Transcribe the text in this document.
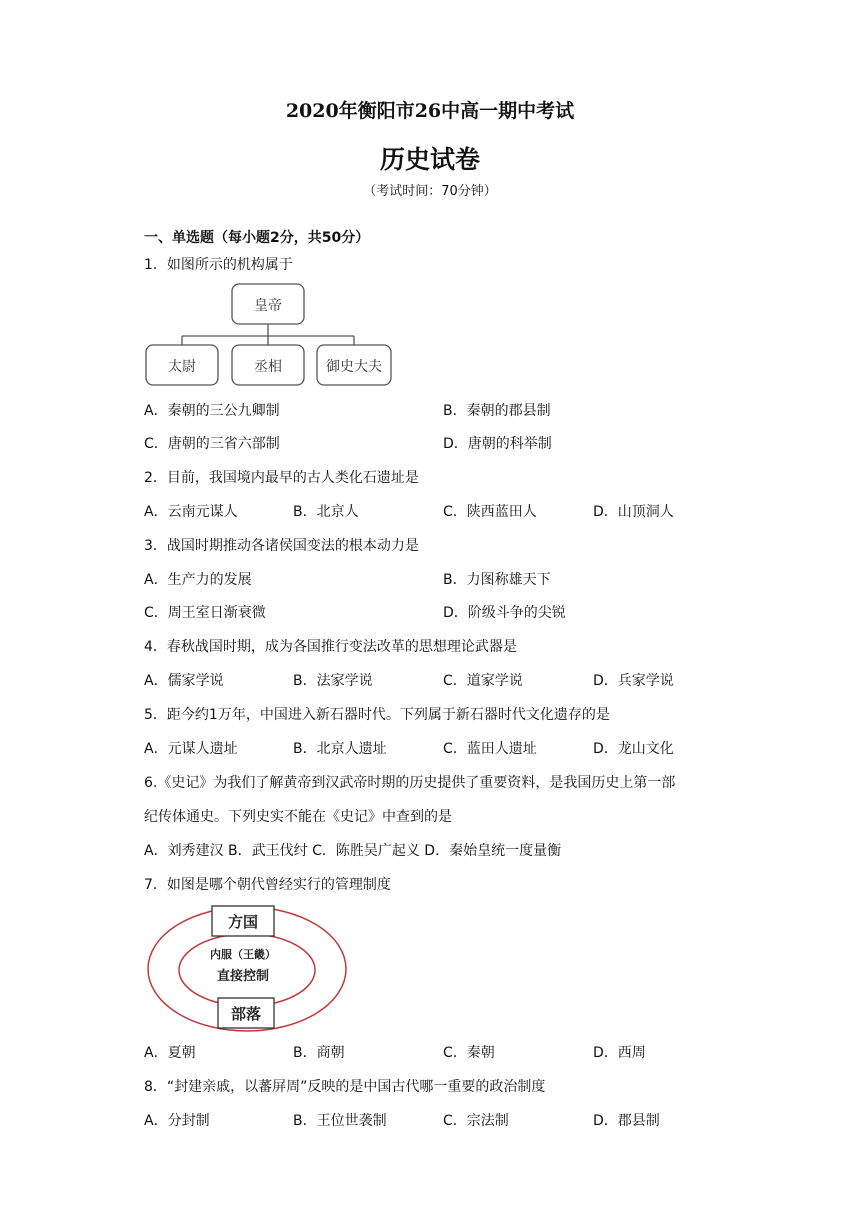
2020年衡阳市26中高一期中考试
历史试卷
（考试时间：70分钟）
一、单选题（每小题2分，共50分）
1．如图所示的机构属于
皇帝
太尉	丞相	御史大夫
A．秦朝的三公九卿制	B．秦朝的郡县制
C．唐朝的三省六部制	D．唐朝的科举制
2．目前，我国境内最早的古人类化石遗址是
A．云南元谋人	B．北京人	C．陕西蓝田人	D．山顶洞人
3．战国时期推动各诸侯国变法的根本动力是
A．生产力的发展	B．力图称雄天下
C．周王室日渐衰微	D．阶级斗争的尖锐
4．春秋战国时期，成为各国推行变法改革的思想理论武器是
A．儒家学说	B．法家学说	C．道家学说	D．兵家学说
5．距今约1万年，中国进入新石器时代。下列属于新石器时代文化遗存的是
A．元谋人遗址	B．北京人遗址	C．蓝田人遗址	D．龙山文化
6.《史记》为我们了解黄帝到汉武帝时期的历史提供了重要资料，是我国历史上第一部
纪传体通史。下列史实不能在《史记》中查到的是
A．刘秀建汉 B．武王伐纣 C．陈胜吴广起义 D．秦始皇统一度量衡
7．如图是哪个朝代曾经实行的管理制度
方国
内服（王畿）
直接控制
部落
A．夏朝	B．商朝	C．秦朝	D．西周
8．“封建亲戚，以蕃屏周”反映的是中国古代哪一重要的政治制度
A．分封制	B．王位世袭制	C．宗法制	D．郡县制
